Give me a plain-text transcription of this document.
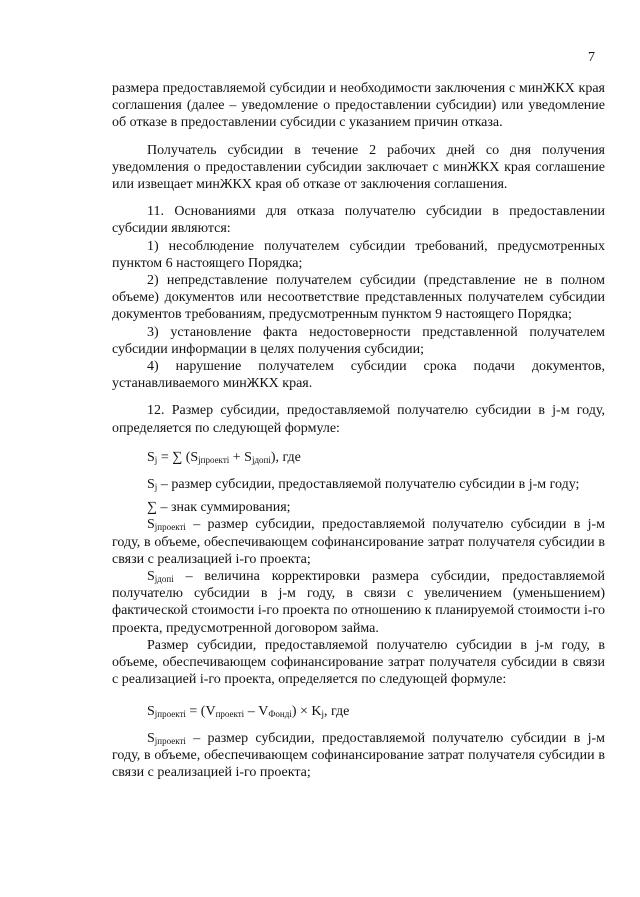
7

размера предоставляемой субсидии и необходимости заключения с минЖКХ края соглашения (далее – уведомление о предоставлении субсидии) или уведомление об отказе в предоставлении субсидии с указанием причин отказа.

Получатель субсидии в течение 2 рабочих дней со дня получения уведомления о предоставлении субсидии заключает с минЖКХ края соглашение или извещает минЖКХ края об отказе от заключения соглашения.

11. Основаниями для отказа получателю субсидии в предоставлении субсидии являются:

1) несоблюдение получателем субсидии требований, предусмотренных пунктом 6 настоящего Порядка;

2) непредставление получателем субсидии (представление не в полном объеме) документов или несоответствие представленных получателем субсидии документов требованиям, предусмотренным пунктом 9 настоящего Порядка;

3) установление факта недостоверности представленной получателем субсидии информации в целях получения субсидии;

4) нарушение получателем субсидии срока подачи документов, устанавливаемого минЖКХ края.

12. Размер субсидии, предоставляемой получателю субсидии в j-м году, определяется по следующей формуле:

$S_j$ = ∑ $(S_{jпроекті} + S_{jдопі})$, где

$S_j$ – размер субсидии, предоставляемой получателю субсидии в j-м году;

∑ – знак суммирования;

$S_{jпроекті}$ – размер субсидии, предоставляемой получателю субсидии в j-м году, в объеме, обеспечивающем софинансирование затрат получателя субсидии в связи с реализацией i-го проекта;

$S_{jдопі}$ – величина корректировки размера субсидии, предоставляемой получателю субсидии в j-м году, в связи с увеличением (уменьшением) фактической стоимости i-го проекта по отношению к планируемой стоимости i-го проекта, предусмотренной договором займа.

Размер субсидии, предоставляемой получателю субсидии в j-м году, в объеме, обеспечивающем софинансирование затрат получателя субсидии в связи с реализацией i-го проекта, определяется по следующей формуле:

$S_{jпроекті} = (V_{проекті} - V_{Фондi}) \times K_j$, где

$S_{jпроекті}$ – размер субсидии, предоставляемой получателю субсидии в j-м году, в объеме, обеспечивающем софинансирование затрат получателя субсидии в связи с реализацией i-го проекта;
